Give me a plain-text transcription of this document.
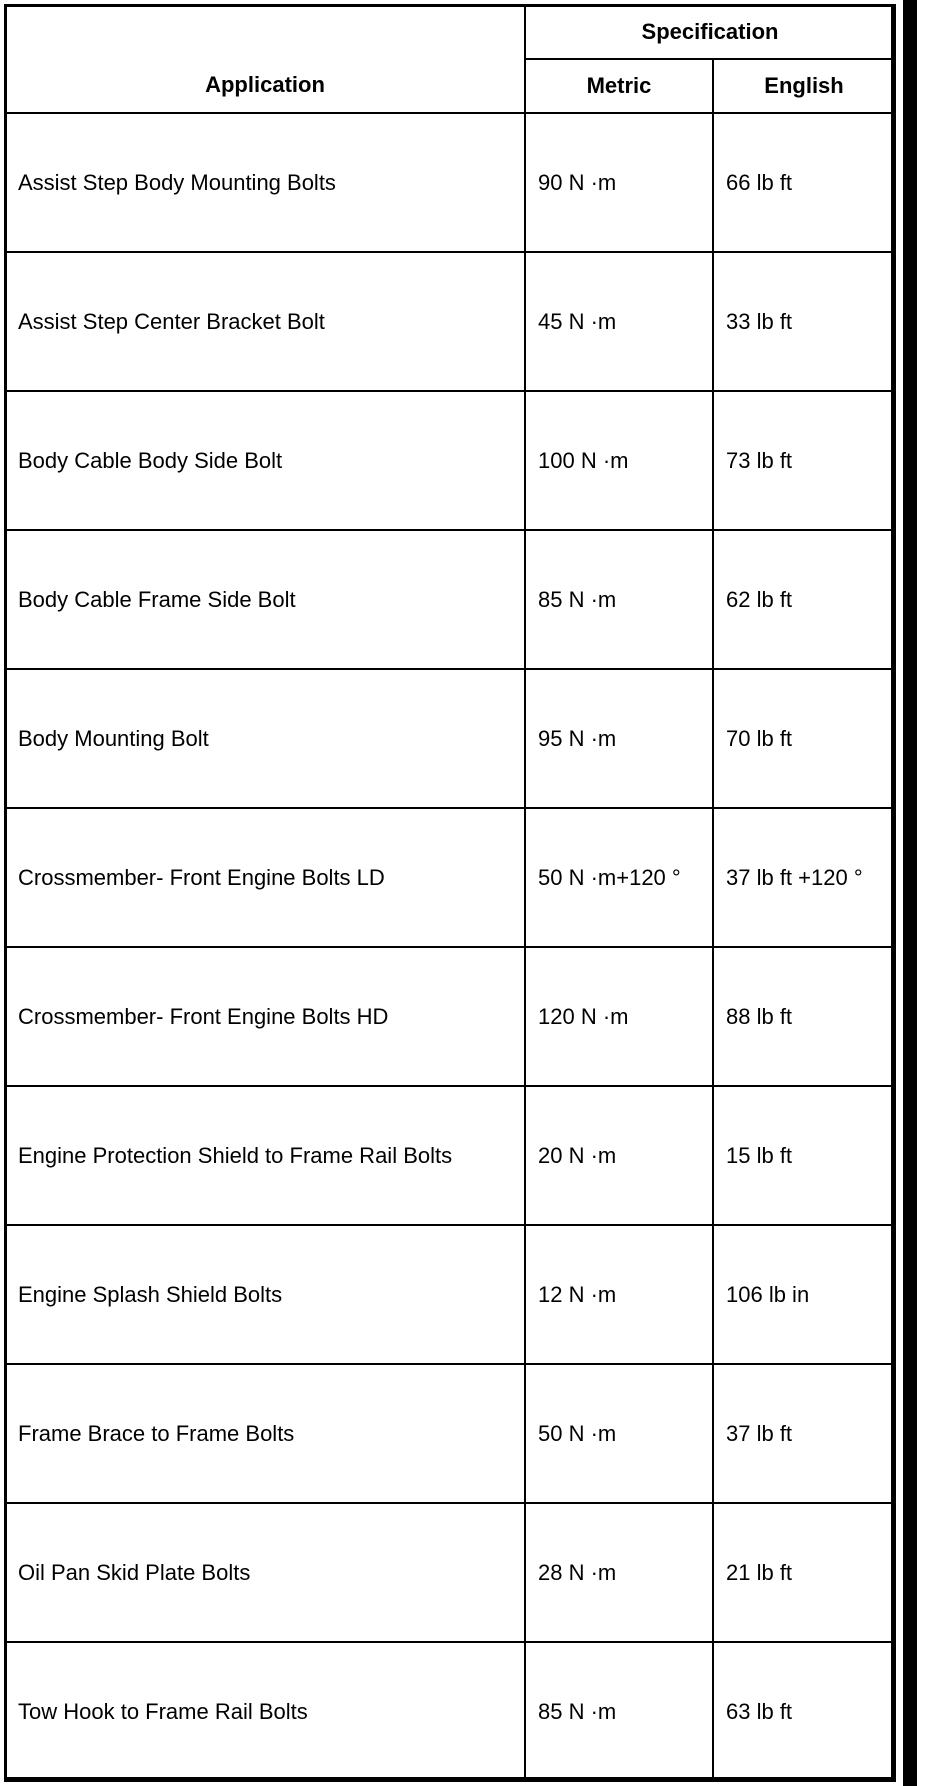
Application	Specification	
	Metric	English
Assist Step Body Mounting Bolts	90 N ·m	66 lb ft
Assist Step Center Bracket Bolt	45 N ·m	33 lb ft
Body Cable Body Side Bolt	100 N ·m	73 lb ft
Body Cable Frame Side Bolt	85 N ·m	62 lb ft
Body Mounting Bolt	95 N ·m	70 lb ft
Crossmember- Front Engine Bolts LD	50 N ·m+120 °	37 lb ft +120 °
Crossmember- Front Engine Bolts HD	120 N ·m	88 lb ft
Engine Protection Shield to Frame Rail Bolts	20 N ·m	15 lb ft
Engine Splash Shield Bolts	12 N ·m	106 lb in
Frame Brace to Frame Bolts	50 N ·m	37 lb ft
Oil Pan Skid Plate Bolts	28 N ·m	21 lb ft
Tow Hook to Frame Rail Bolts	85 N ·m	63 lb ft
